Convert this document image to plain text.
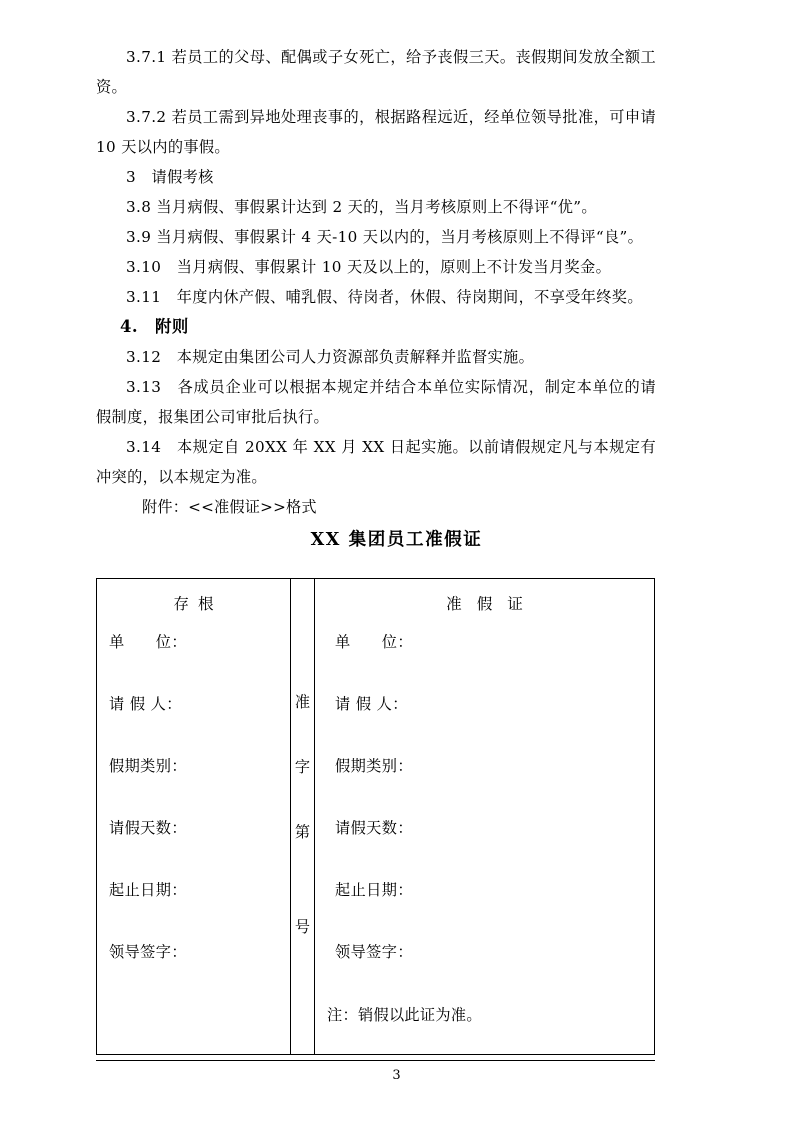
3.7.1 若员工的父母、配偶或子女死亡，给予丧假三天。丧假期间发放全额工资。

3.7.2 若员工需到异地处理丧事的，根据路程远近，经单位领导批准，可申请 10 天以内的事假。

3　请假考核

3.8 当月病假、事假累计达到 2 天的，当月考核原则上不得评“优”。

3.9 当月病假、事假累计 4 天-10 天以内的，当月考核原则上不得评“良”。

3.10　当月病假、事假累计 10 天及以上的，原则上不计发当月奖金。

3.11　年度内休产假、哺乳假、待岗者，休假、待岗期间，不享受年终奖。

4.　附则

3.12　本规定由集团公司人力资源部负责解释并监督实施。

3.13　各成员企业可以根据本规定并结合本单位实际情况，制定本单位的请假制度，报集团公司审批后执行。

3.14　本规定自 20XX 年 XX 月 XX 日起实施。以前请假规定凡与本规定有冲突的，以本规定为准。

附件：<<准假证>>格式

XX 集团员工准假证
存根
单　　位：
请 假 人：
假期类别：
请假天数：
起止日期：
领导签字：
准
字
第
号
准假证
单　　位：
请 假 人：
假期类别：
请假天数：
起止日期：
领导签字：
注：销假以此证为准。
3
